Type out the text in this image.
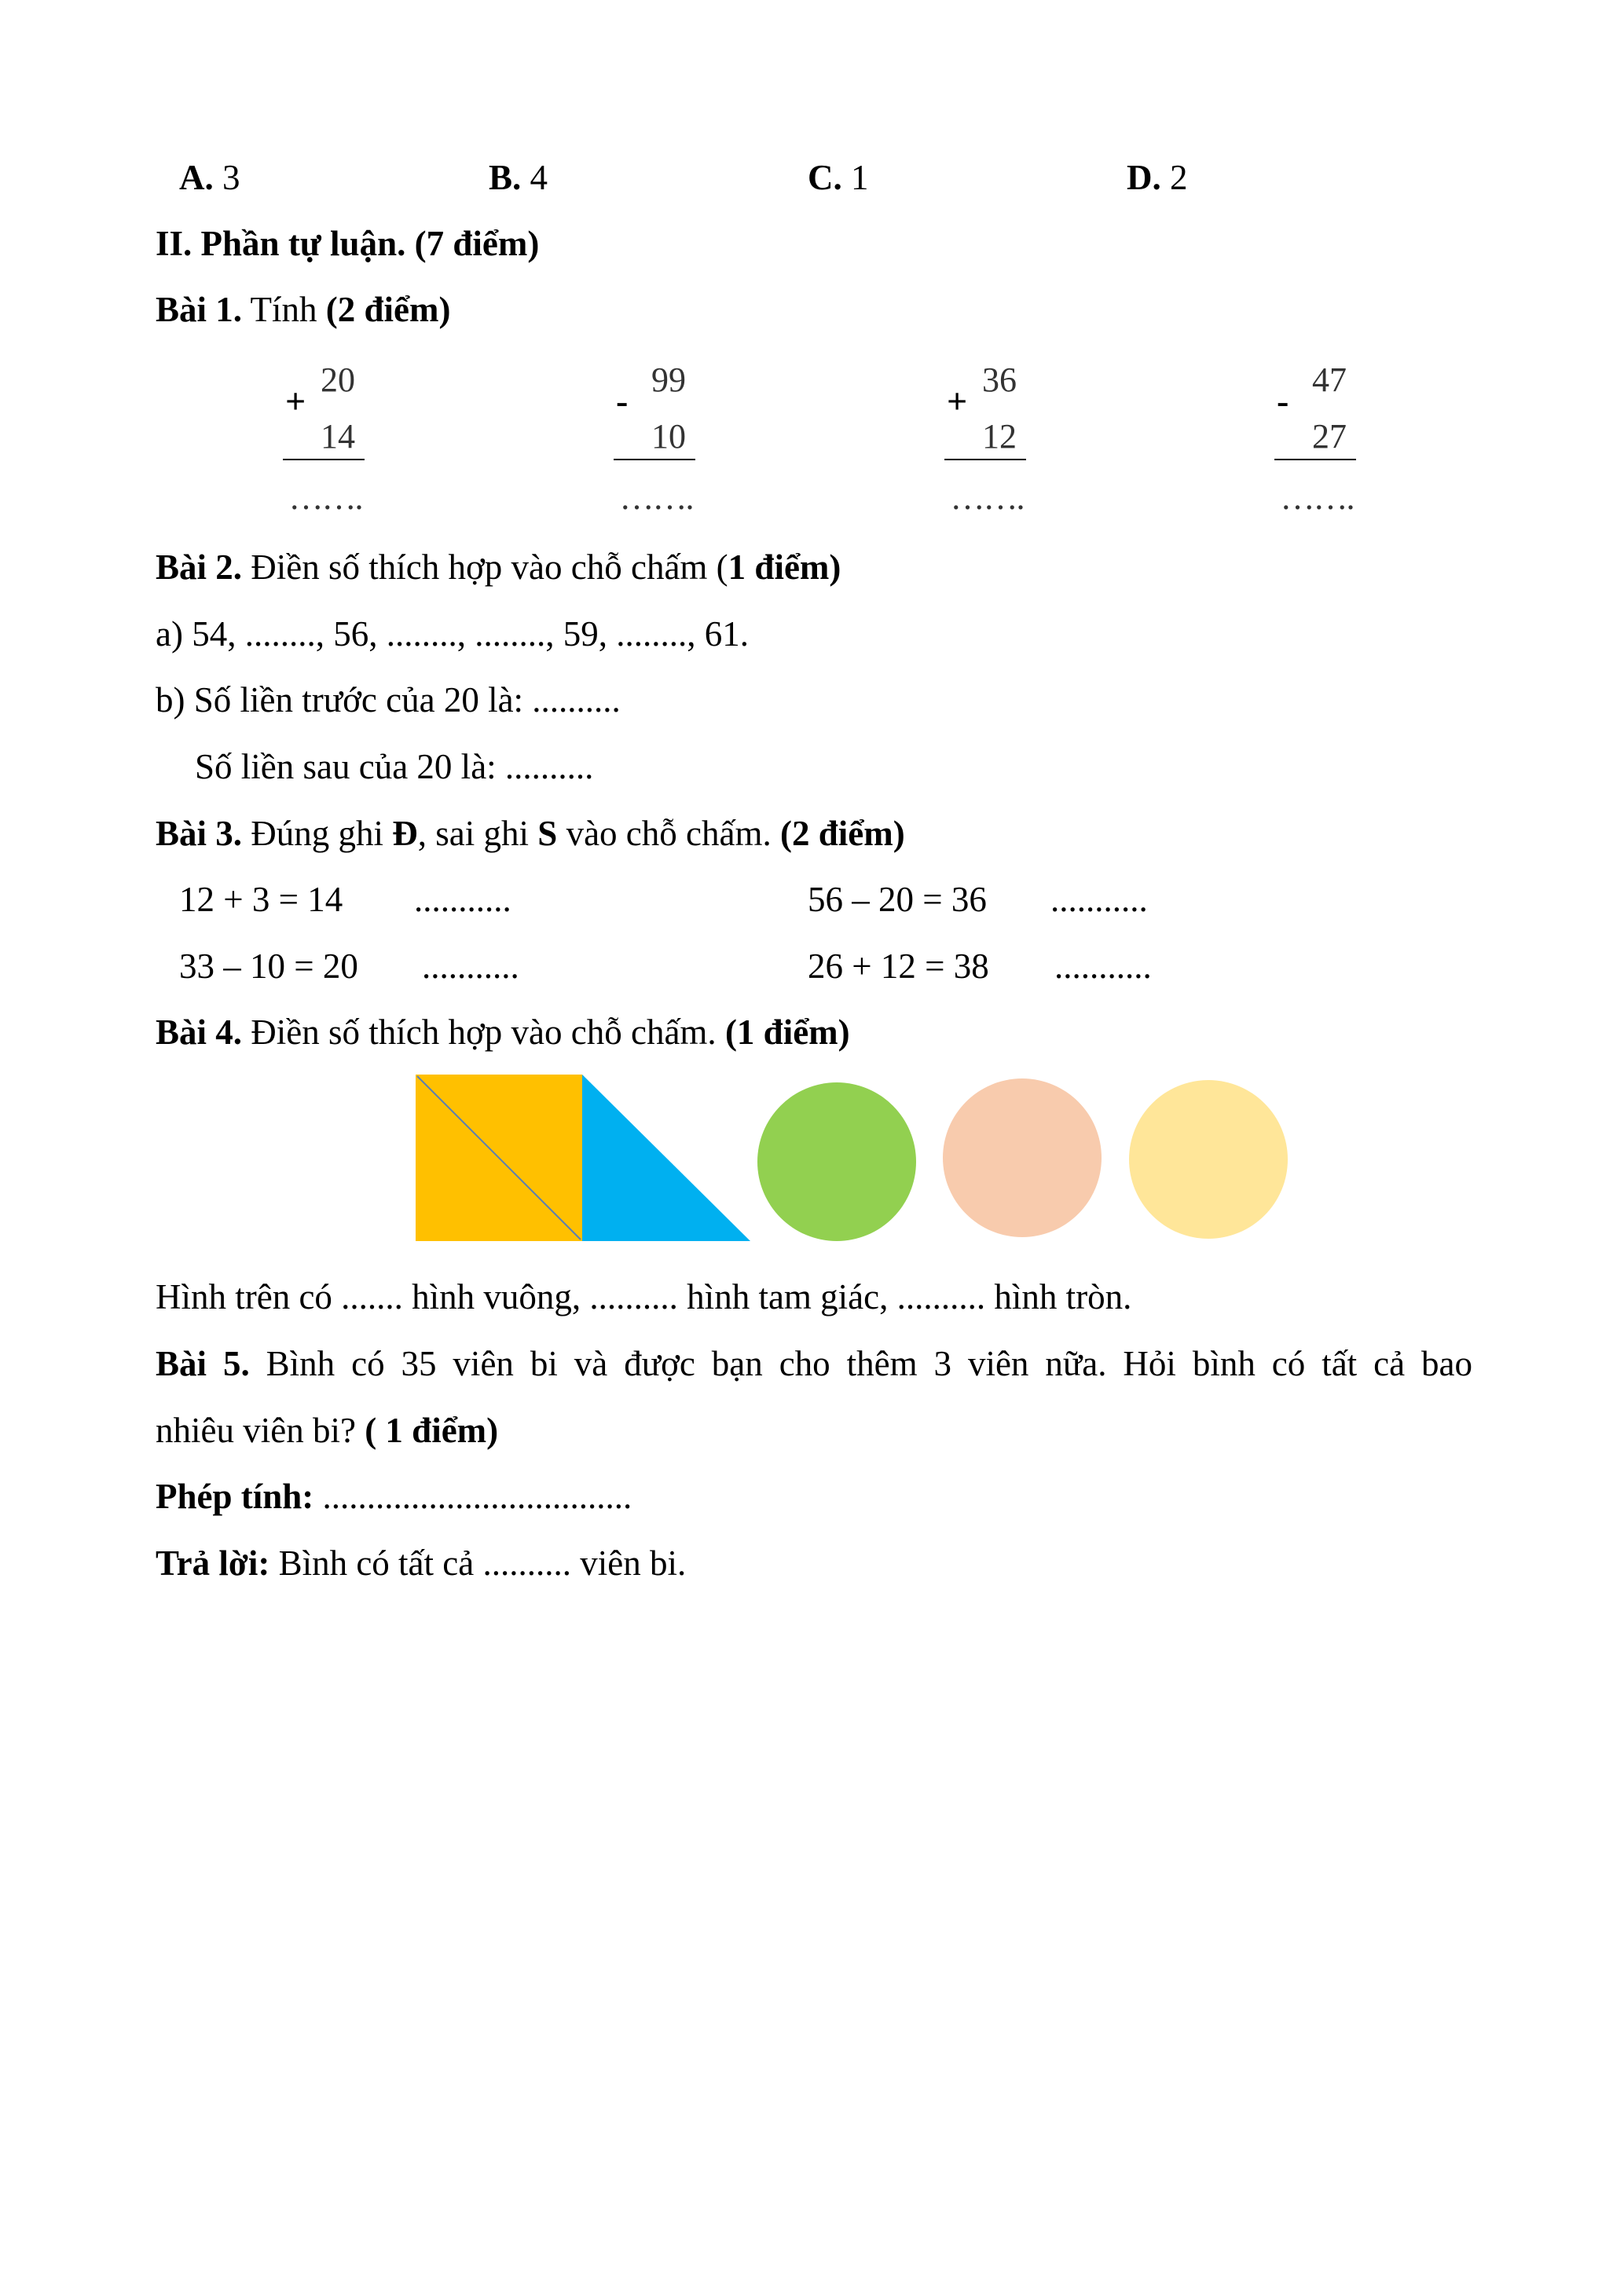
A. 3	B. 4	C. 1	D. 2
II. Phần tự luận. (7 điểm)
Bài 1. Tính (2 điểm)
20
+
14
…….
99
-
10
…….
36
+
12
…….
47
-
27
…….
Bài 2. Điền số thích hợp vào chỗ chấm (1 điểm)
a) 54, ........, 56, ........, ........, 59, ........, 61.
b) Số liền trước của 20 là: ..........
Số liền sau của 20 là: ..........
Bài 3. Đúng ghi Đ, sai ghi S vào chỗ chấm. (2 điểm)
12 + 3 = 14 ...........	56 – 20 = 36 ...........
33 – 10 = 20 ...........	26 + 12 = 38 ...........
Bài 4. Điền số thích hợp vào chỗ chấm. (1 điểm)
Hình trên có ....... hình vuông, .......... hình tam giác, .......... hình tròn.
Bài 5. Bình có 35 viên bi và được bạn cho thêm 3 viên nữa. Hỏi bình có tất cả bao
nhiêu viên bi? ( 1 điểm)
Phép tính: ...................................
Trả lời: Bình có tất cả .......... viên bi.
